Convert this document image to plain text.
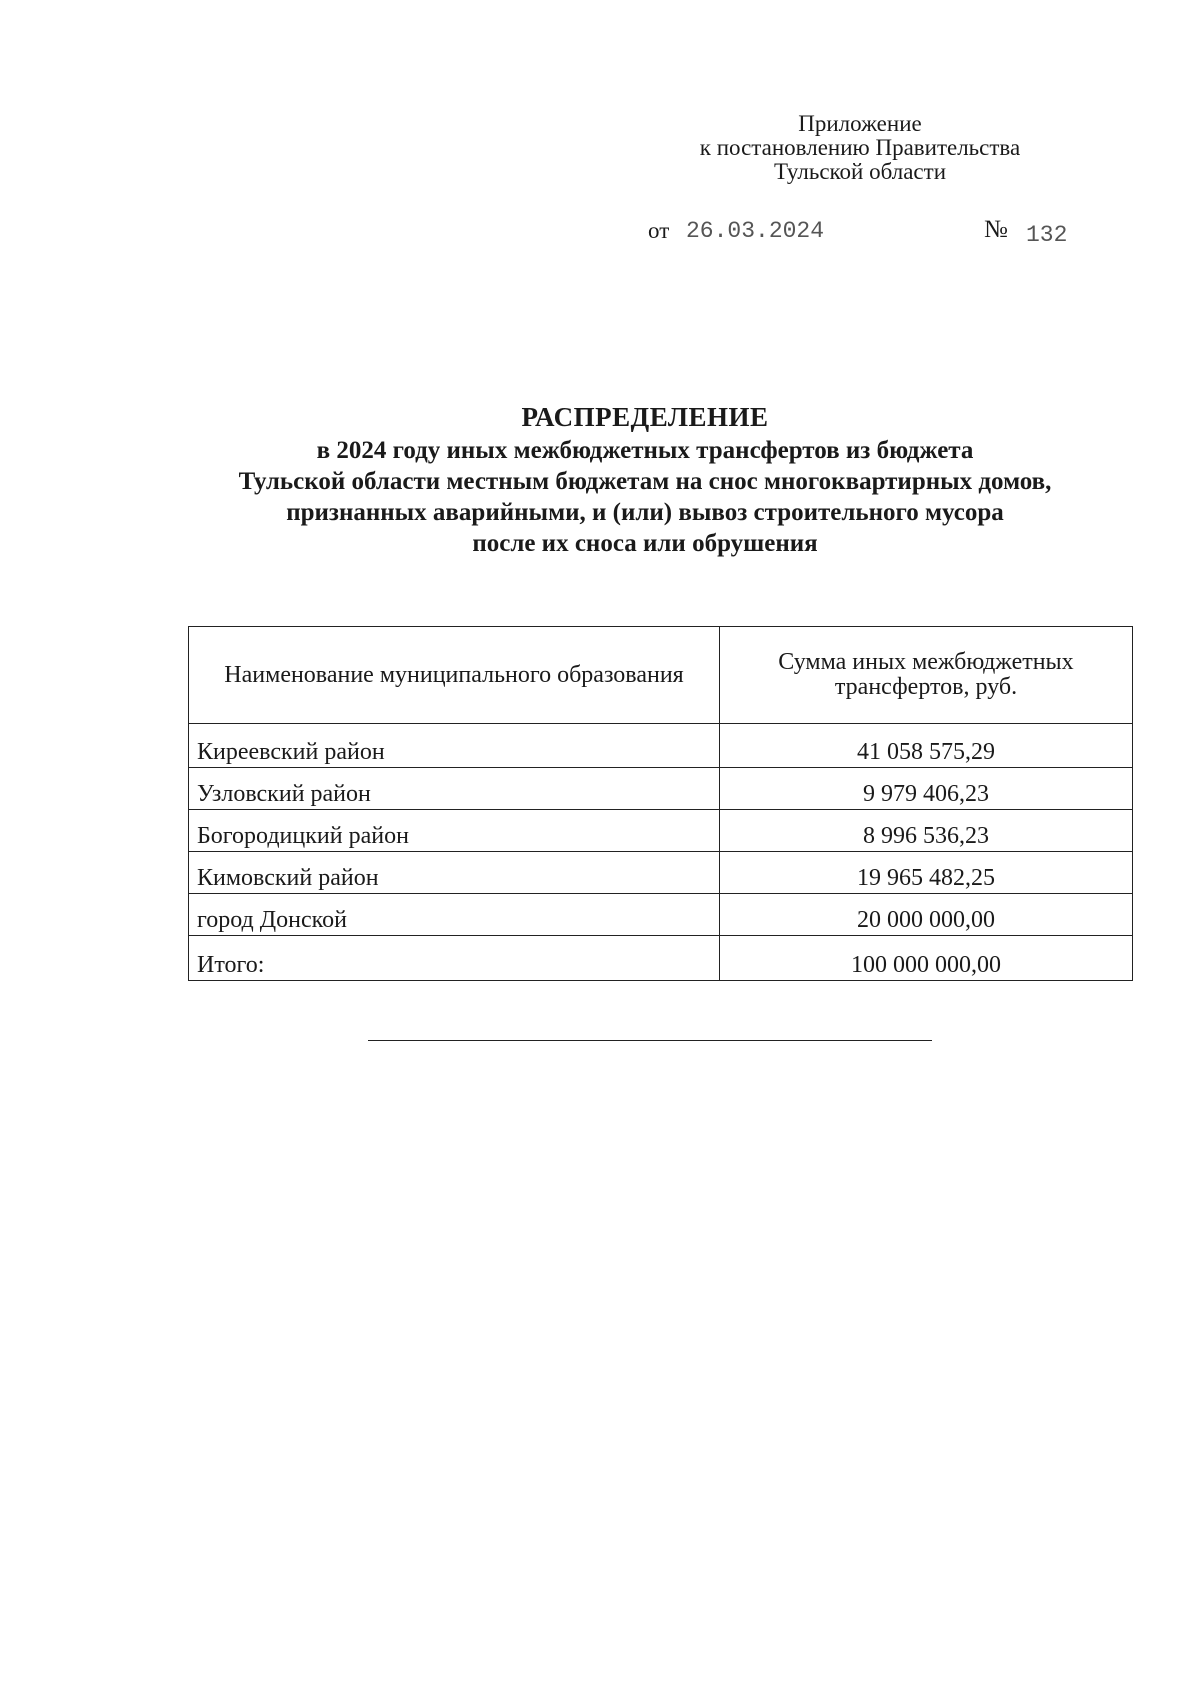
Приложение
к постановлению Правительства
Тульской области
от 26.03.2024	№ 132
РАСПРЕДЕЛЕНИЕ
в 2024 году иных межбюджетных трансфертов из бюджета
Тульской области местным бюджетам на снос многоквартирных домов,
признанных аварийными, и (или) вывоз строительного мусора
после их сноса или обрушения
Наименование муниципального образования	Сумма иных межбюджетных трансфертов, руб.
Киреевский район	41 058 575,29
Узловский район	9 979 406,23
Богородицкий район	8 996 536,23
Кимовский район	19 965 482,25
город Донской	20 000 000,00
Итого:	100 000 000,00
